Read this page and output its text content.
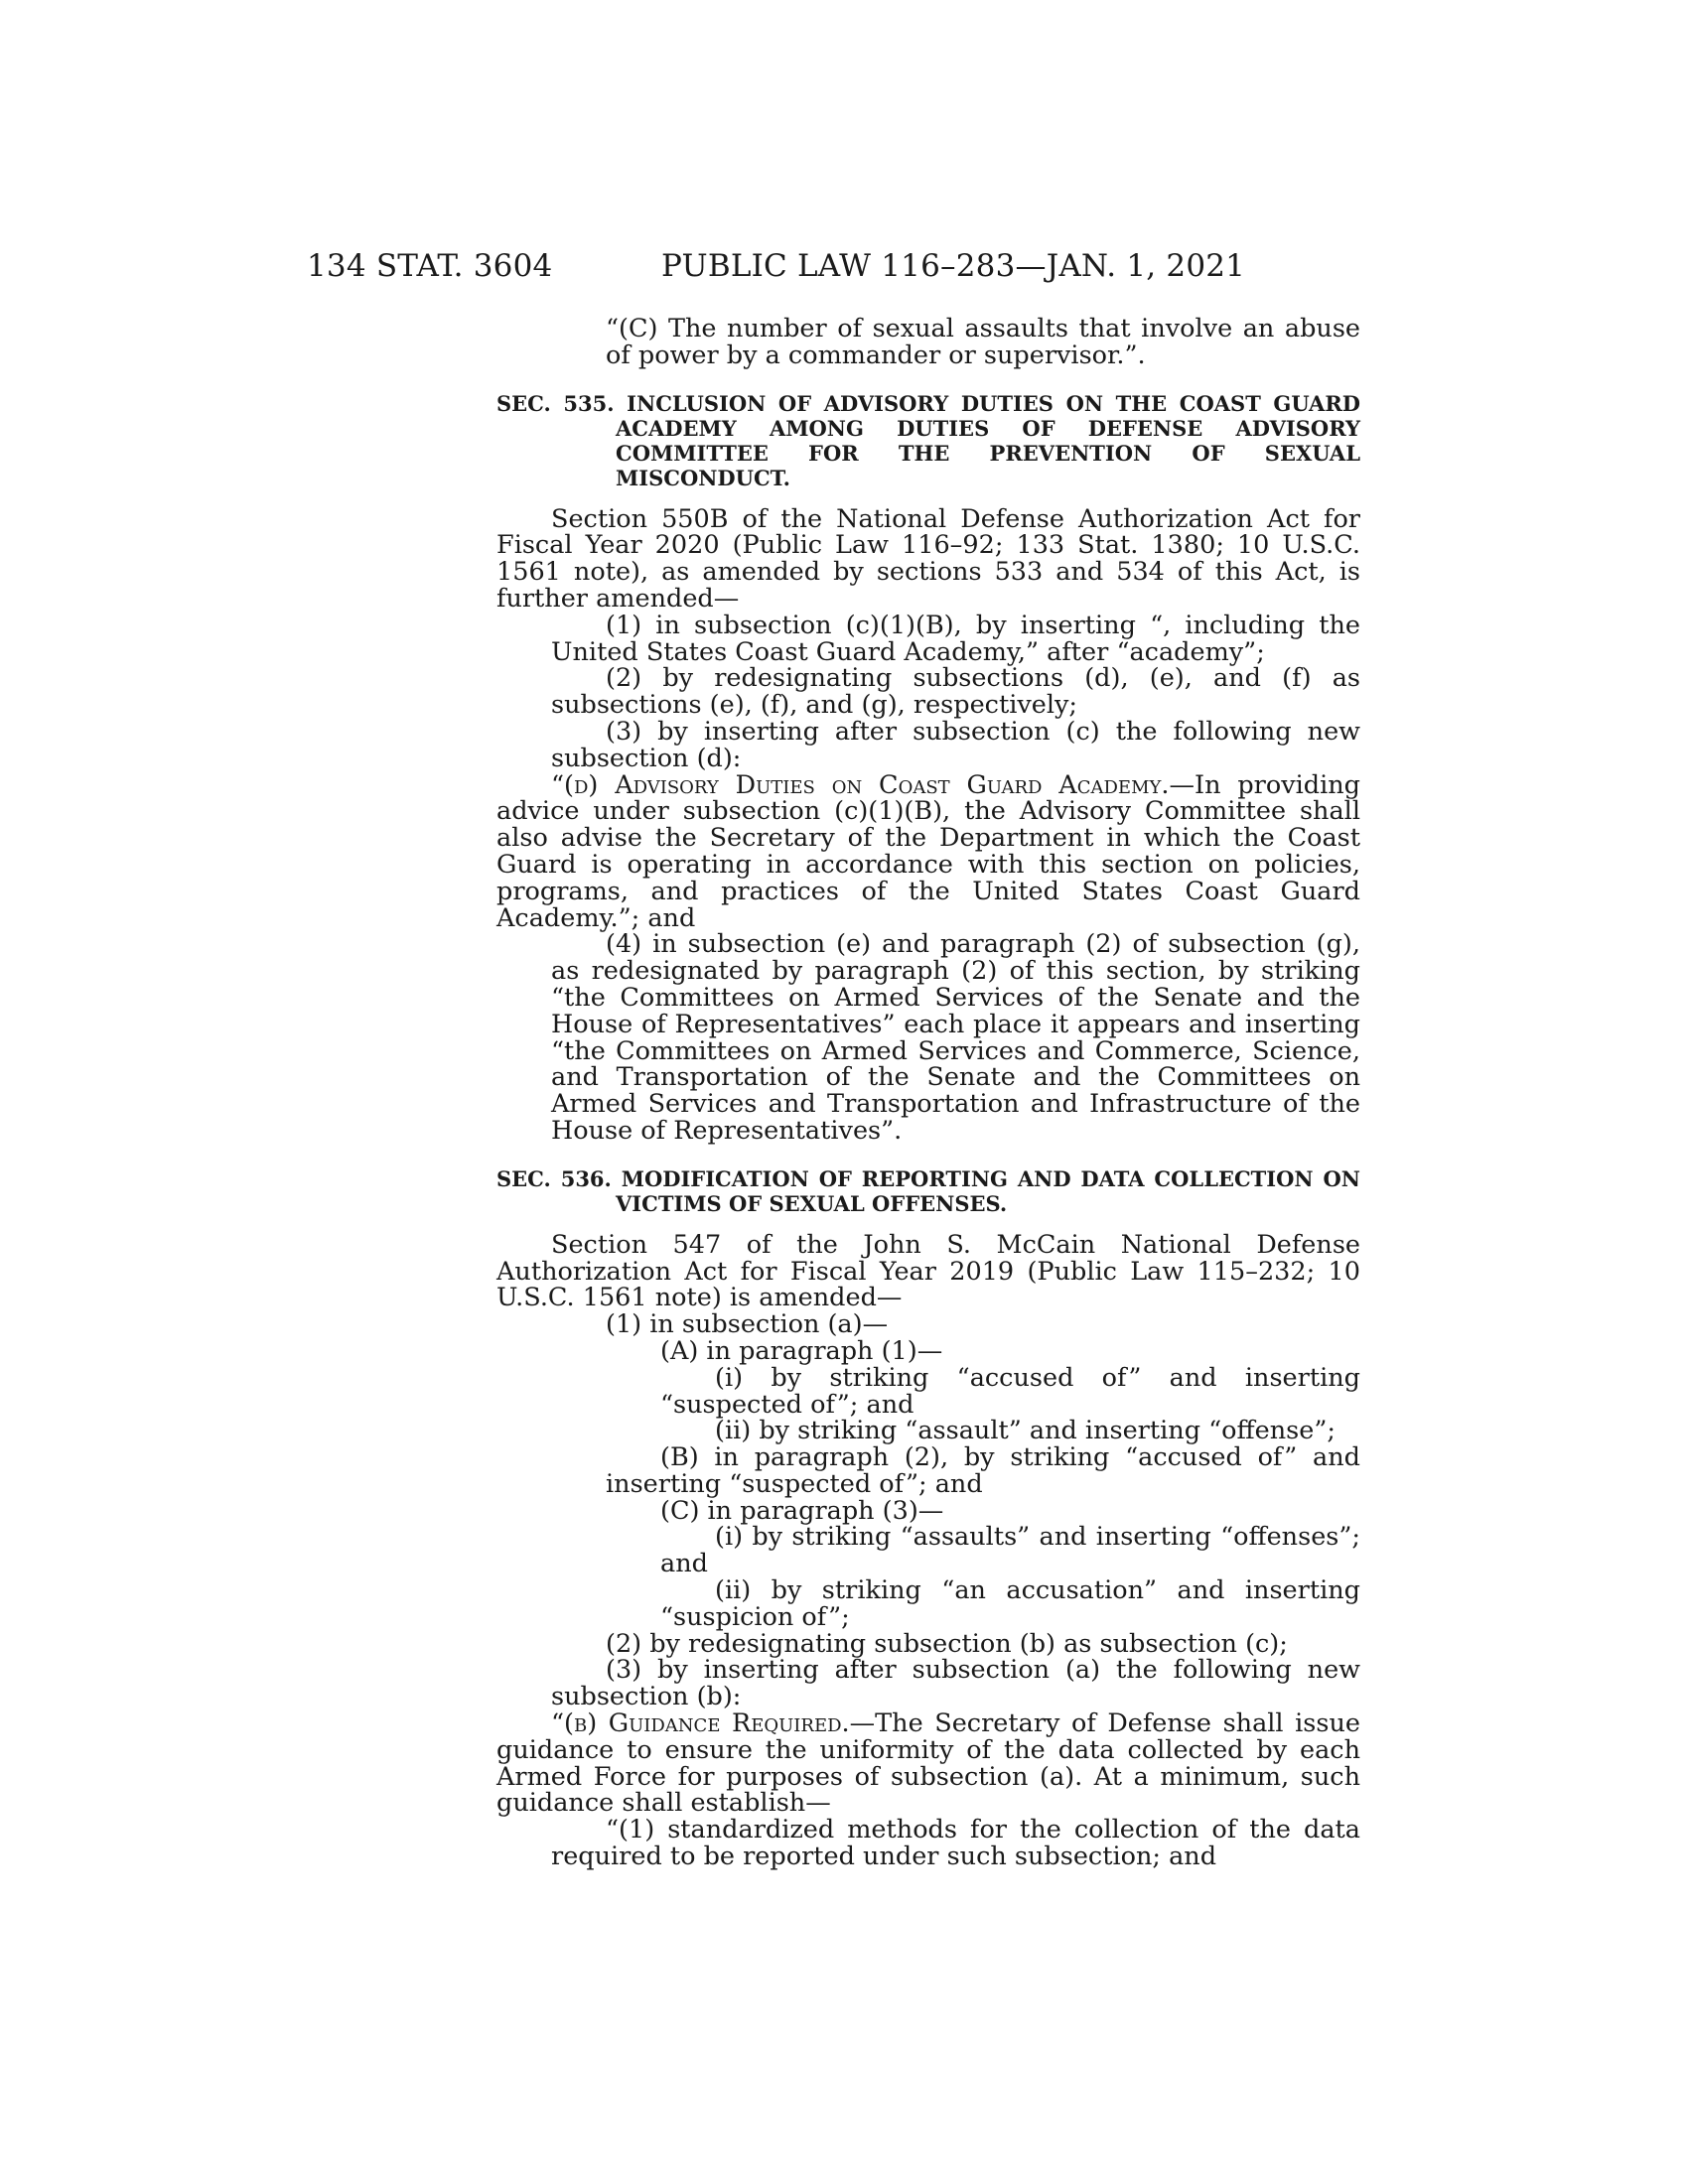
134 STAT. 3604	PUBLIC LAW 116–283—JAN. 1, 2021

“(C) The number of sexual assaults that involve an abuse of power by a commander or supervisor.”.

SEC. 535. INCLUSION OF ADVISORY DUTIES ON THE COAST GUARD ACADEMY AMONG DUTIES OF DEFENSE ADVISORY COMMITTEE FOR THE PREVENTION OF SEXUAL MISCONDUCT.

Section 550B of the National Defense Authorization Act for Fiscal Year 2020 (Public Law 116–92; 133 Stat. 1380; 10 U.S.C. 1561 note), as amended by sections 533 and 534 of this Act, is further amended—

(1) in subsection (c)(1)(B), by inserting “, including the United States Coast Guard Academy,” after “academy”;

(2) by redesignating subsections (d), (e), and (f) as subsections (e), (f), and (g), respectively;

(3) by inserting after subsection (c) the following new subsection (d):

“(d) Advisory Duties on Coast Guard Academy.—In providing advice under subsection (c)(1)(B), the Advisory Committee shall also advise the Secretary of the Department in which the Coast Guard is operating in accordance with this section on policies, programs, and practices of the United States Coast Guard Academy.”; and

(4) in subsection (e) and paragraph (2) of subsection (g), as redesignated by paragraph (2) of this section, by striking “the Committees on Armed Services of the Senate and the House of Representatives” each place it appears and inserting “the Committees on Armed Services and Commerce, Science, and Transportation of the Senate and the Committees on Armed Services and Transportation and Infrastructure of the House of Representatives”.

SEC. 536. MODIFICATION OF REPORTING AND DATA COLLECTION ON VICTIMS OF SEXUAL OFFENSES.

Section 547 of the John S. McCain National Defense Authorization Act for Fiscal Year 2019 (Public Law 115–232; 10 U.S.C. 1561 note) is amended—

(1) in subsection (a)—

(A) in paragraph (1)—

(i) by striking “accused of” and inserting “suspected of”; and

(ii) by striking “assault” and inserting “offense”;

(B) in paragraph (2), by striking “accused of” and inserting “suspected of”; and

(C) in paragraph (3)—

(i) by striking “assaults” and inserting “offenses”; and

(ii) by striking “an accusation” and inserting “suspicion of”;

(2) by redesignating subsection (b) as subsection (c);

(3) by inserting after subsection (a) the following new subsection (b):

“(b) Guidance Required.—The Secretary of Defense shall issue guidance to ensure the uniformity of the data collected by each Armed Force for purposes of subsection (a). At a minimum, such guidance shall establish—

“(1) standardized methods for the collection of the data required to be reported under such subsection; and
